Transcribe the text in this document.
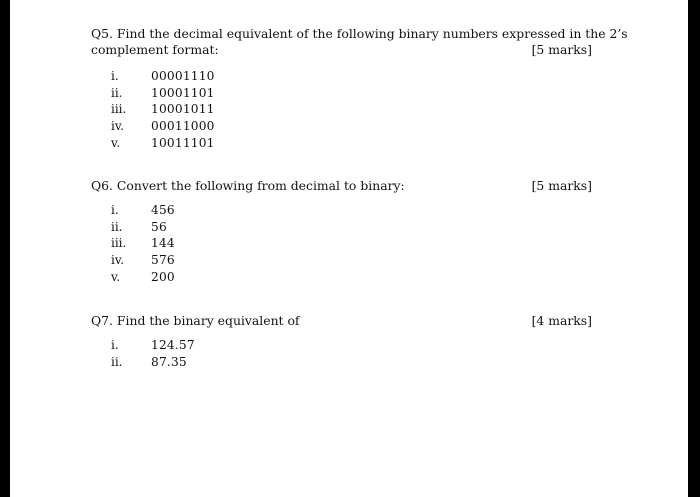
Q5. Find the decimal equivalent of the following binary numbers expressed in the 2’s
complement format:	[5 marks]
i.	00001110
ii. 10001101
iii. 10001011
iv. 00011000
v.	10011101
Q6. Convert the following from decimal to binary:	[5 marks]
i.	456
ii. 56
iii. 144
iv. 576
v.	200
Q7. Find the binary equivalent of	[4 marks]
i.	124.57
ii. 87.35
